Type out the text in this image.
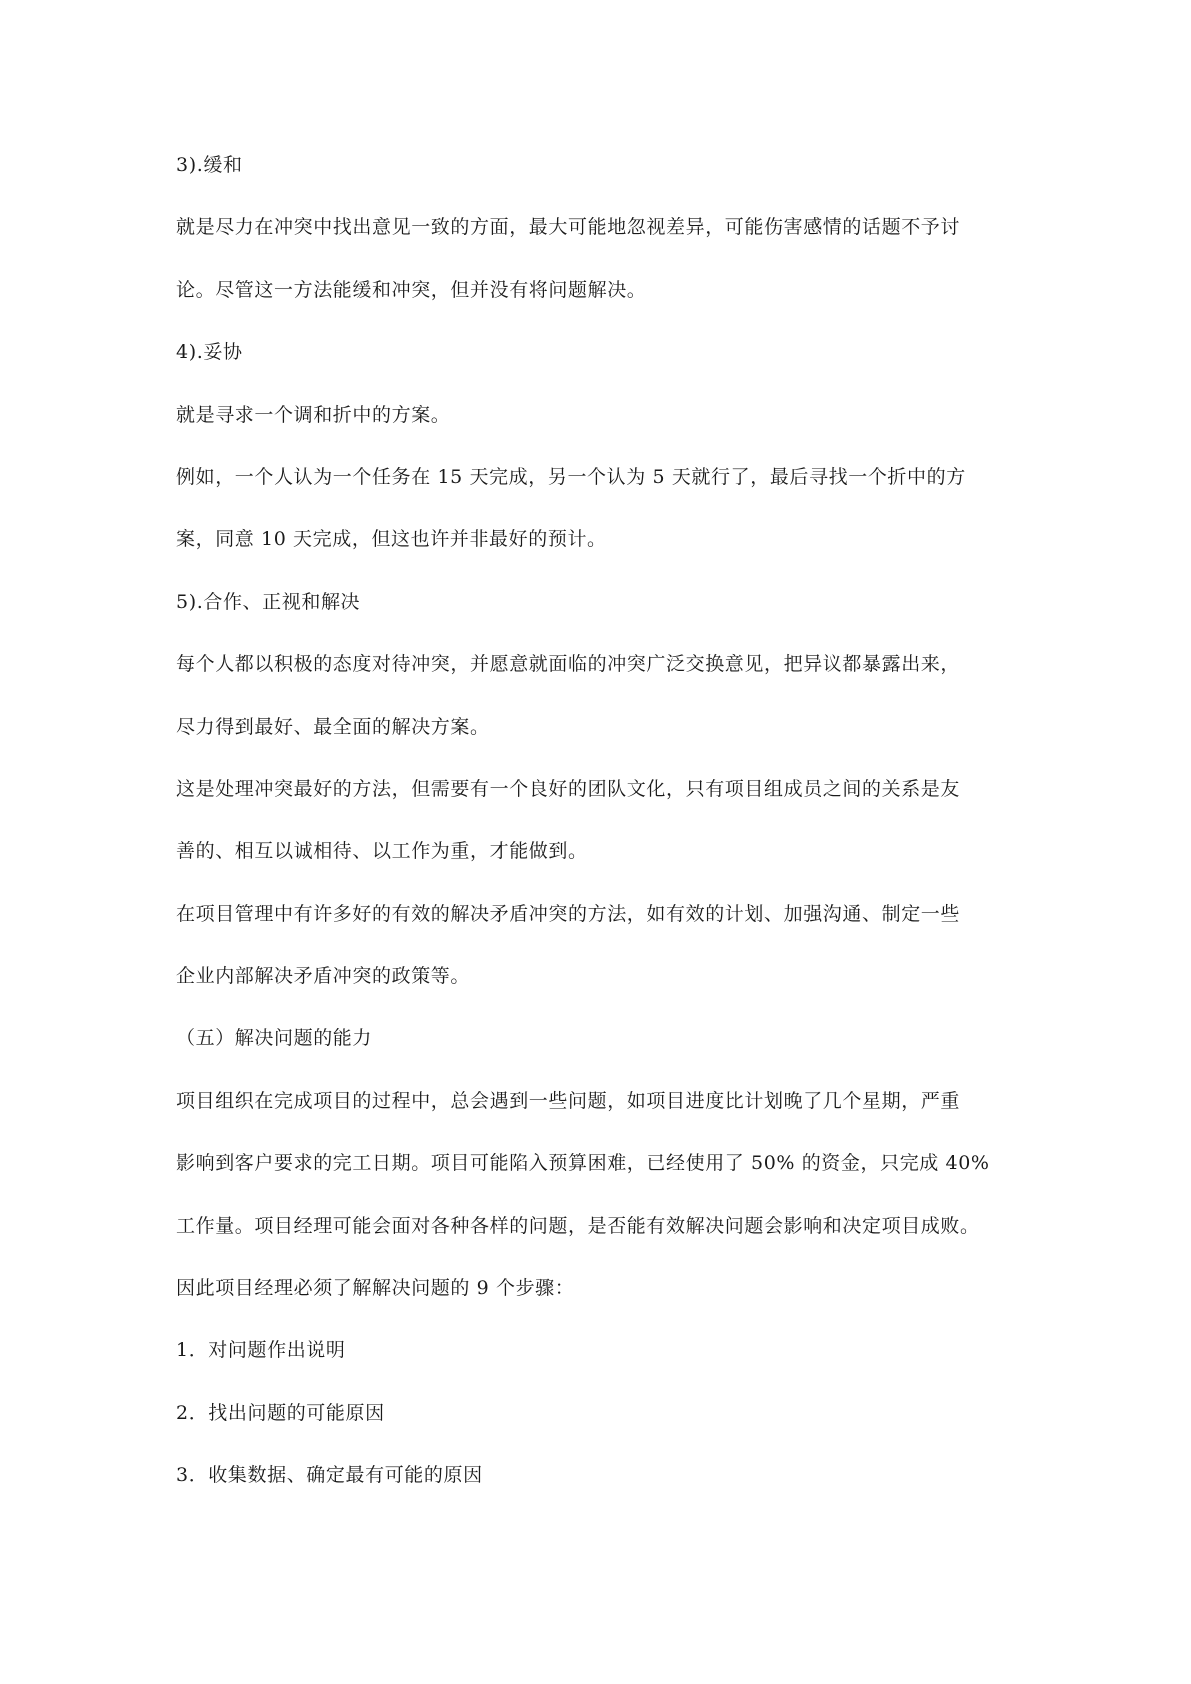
3).缓和
就是尽力在冲突中找出意见一致的方面，最大可能地忽视差异，可能伤害感情的话题不予讨
论。尽管这一方法能缓和冲突，但并没有将问题解决。
4).妥协
就是寻求一个调和折中的方案。
例如，一个人认为一个任务在 15 天完成，另一个认为 5 天就行了，最后寻找一个折中的方
案，同意 10 天完成，但这也许并非最好的预计。
5).合作、正视和解决
每个人都以积极的态度对待冲突，并愿意就面临的冲突广泛交换意见，把异议都暴露出来，
尽力得到最好、最全面的解决方案。
这是处理冲突最好的方法，但需要有一个良好的团队文化，只有项目组成员之间的关系是友
善的、相互以诚相待、以工作为重，才能做到。
在项目管理中有许多好的有效的解决矛盾冲突的方法，如有效的计划、加强沟通、制定一些
企业内部解决矛盾冲突的政策等。
（五）解决问题的能力
项目组织在完成项目的过程中，总会遇到一些问题，如项目进度比计划晚了几个星期，严重
影响到客户要求的完工日期。项目可能陷入预算困难，已经使用了 50% 的资金，只完成 40%
工作量。项目经理可能会面对各种各样的问题，是否能有效解决问题会影响和决定项目成败。
因此项目经理必须了解解决问题的 9 个步骤：
1．对问题作出说明
2．找出问题的可能原因
3．收集数据、确定最有可能的原因
